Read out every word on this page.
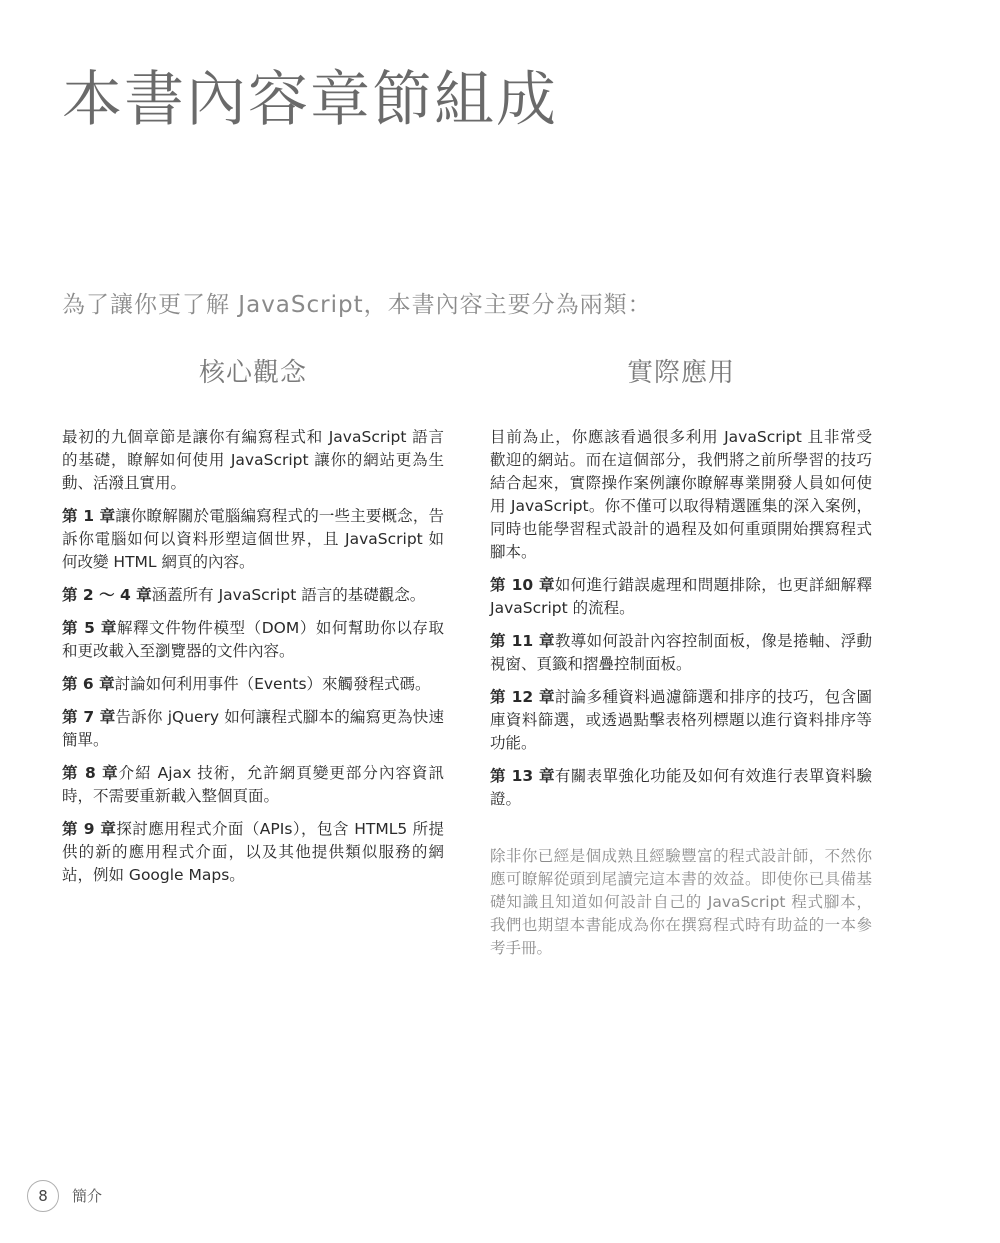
本書內容章節組成
為了讓你更了解 JavaScript，本書內容主要分為兩類：
核心觀念	實際應用

最初的九個章節是讓你有編寫程式和 JavaScript 語言的基礎，瞭解如何使用 JavaScript 讓你的網站更為生動、活潑且實用。

第 1 章讓你瞭解關於電腦編寫程式的一些主要概念，告訴你電腦如何以資料形塑這個世界，且 JavaScript 如何改變 HTML 網頁的內容。

第 2 〜 4 章涵蓋所有 JavaScript 語言的基礎觀念。

第 5 章解釋文件物件模型（DOM）如何幫助你以存取和更改載入至瀏覽器的文件內容。

第 6 章討論如何利用事件（Events）來觸發程式碼。

第 7 章告訴你 jQuery 如何讓程式腳本的編寫更為快速簡單。

第 8 章介紹 Ajax 技術，允許網頁變更部分內容資訊時，不需要重新載入整個頁面。

第 9 章探討應用程式介面（APIs），包含 HTML5 所提供的新的應用程式介面，以及其他提供類似服務的網站，例如 Google Maps。

目前為止，你應該看過很多利用 JavaScript 且非常受歡迎的網站。而在這個部分，我們將之前所學習的技巧結合起來，實際操作案例讓你瞭解專業開發人員如何使用 JavaScript。你不僅可以取得精選匯集的深入案例，同時也能學習程式設計的過程及如何重頭開始撰寫程式腳本。

第 10 章如何進行錯誤處理和問題排除，也更詳細解釋 JavaScript 的流程。

第 11 章教導如何設計內容控制面板，像是捲軸、浮動視窗、頁籤和摺疊控制面板。

第 12 章討論多種資料過濾篩選和排序的技巧，包含圖庫資料篩選，或透過點擊表格列標題以進行資料排序等功能。

第 13 章有關表單強化功能及如何有效進行表單資料驗證。

除非你已經是個成熟且經驗豐富的程式設計師，不然你應可瞭解從頭到尾讀完這本書的效益。即使你已具備基礎知識且知道如何設計自己的 JavaScript 程式腳本，我們也期望本書能成為你在撰寫程式時有助益的一本參考手冊。

8	簡介
